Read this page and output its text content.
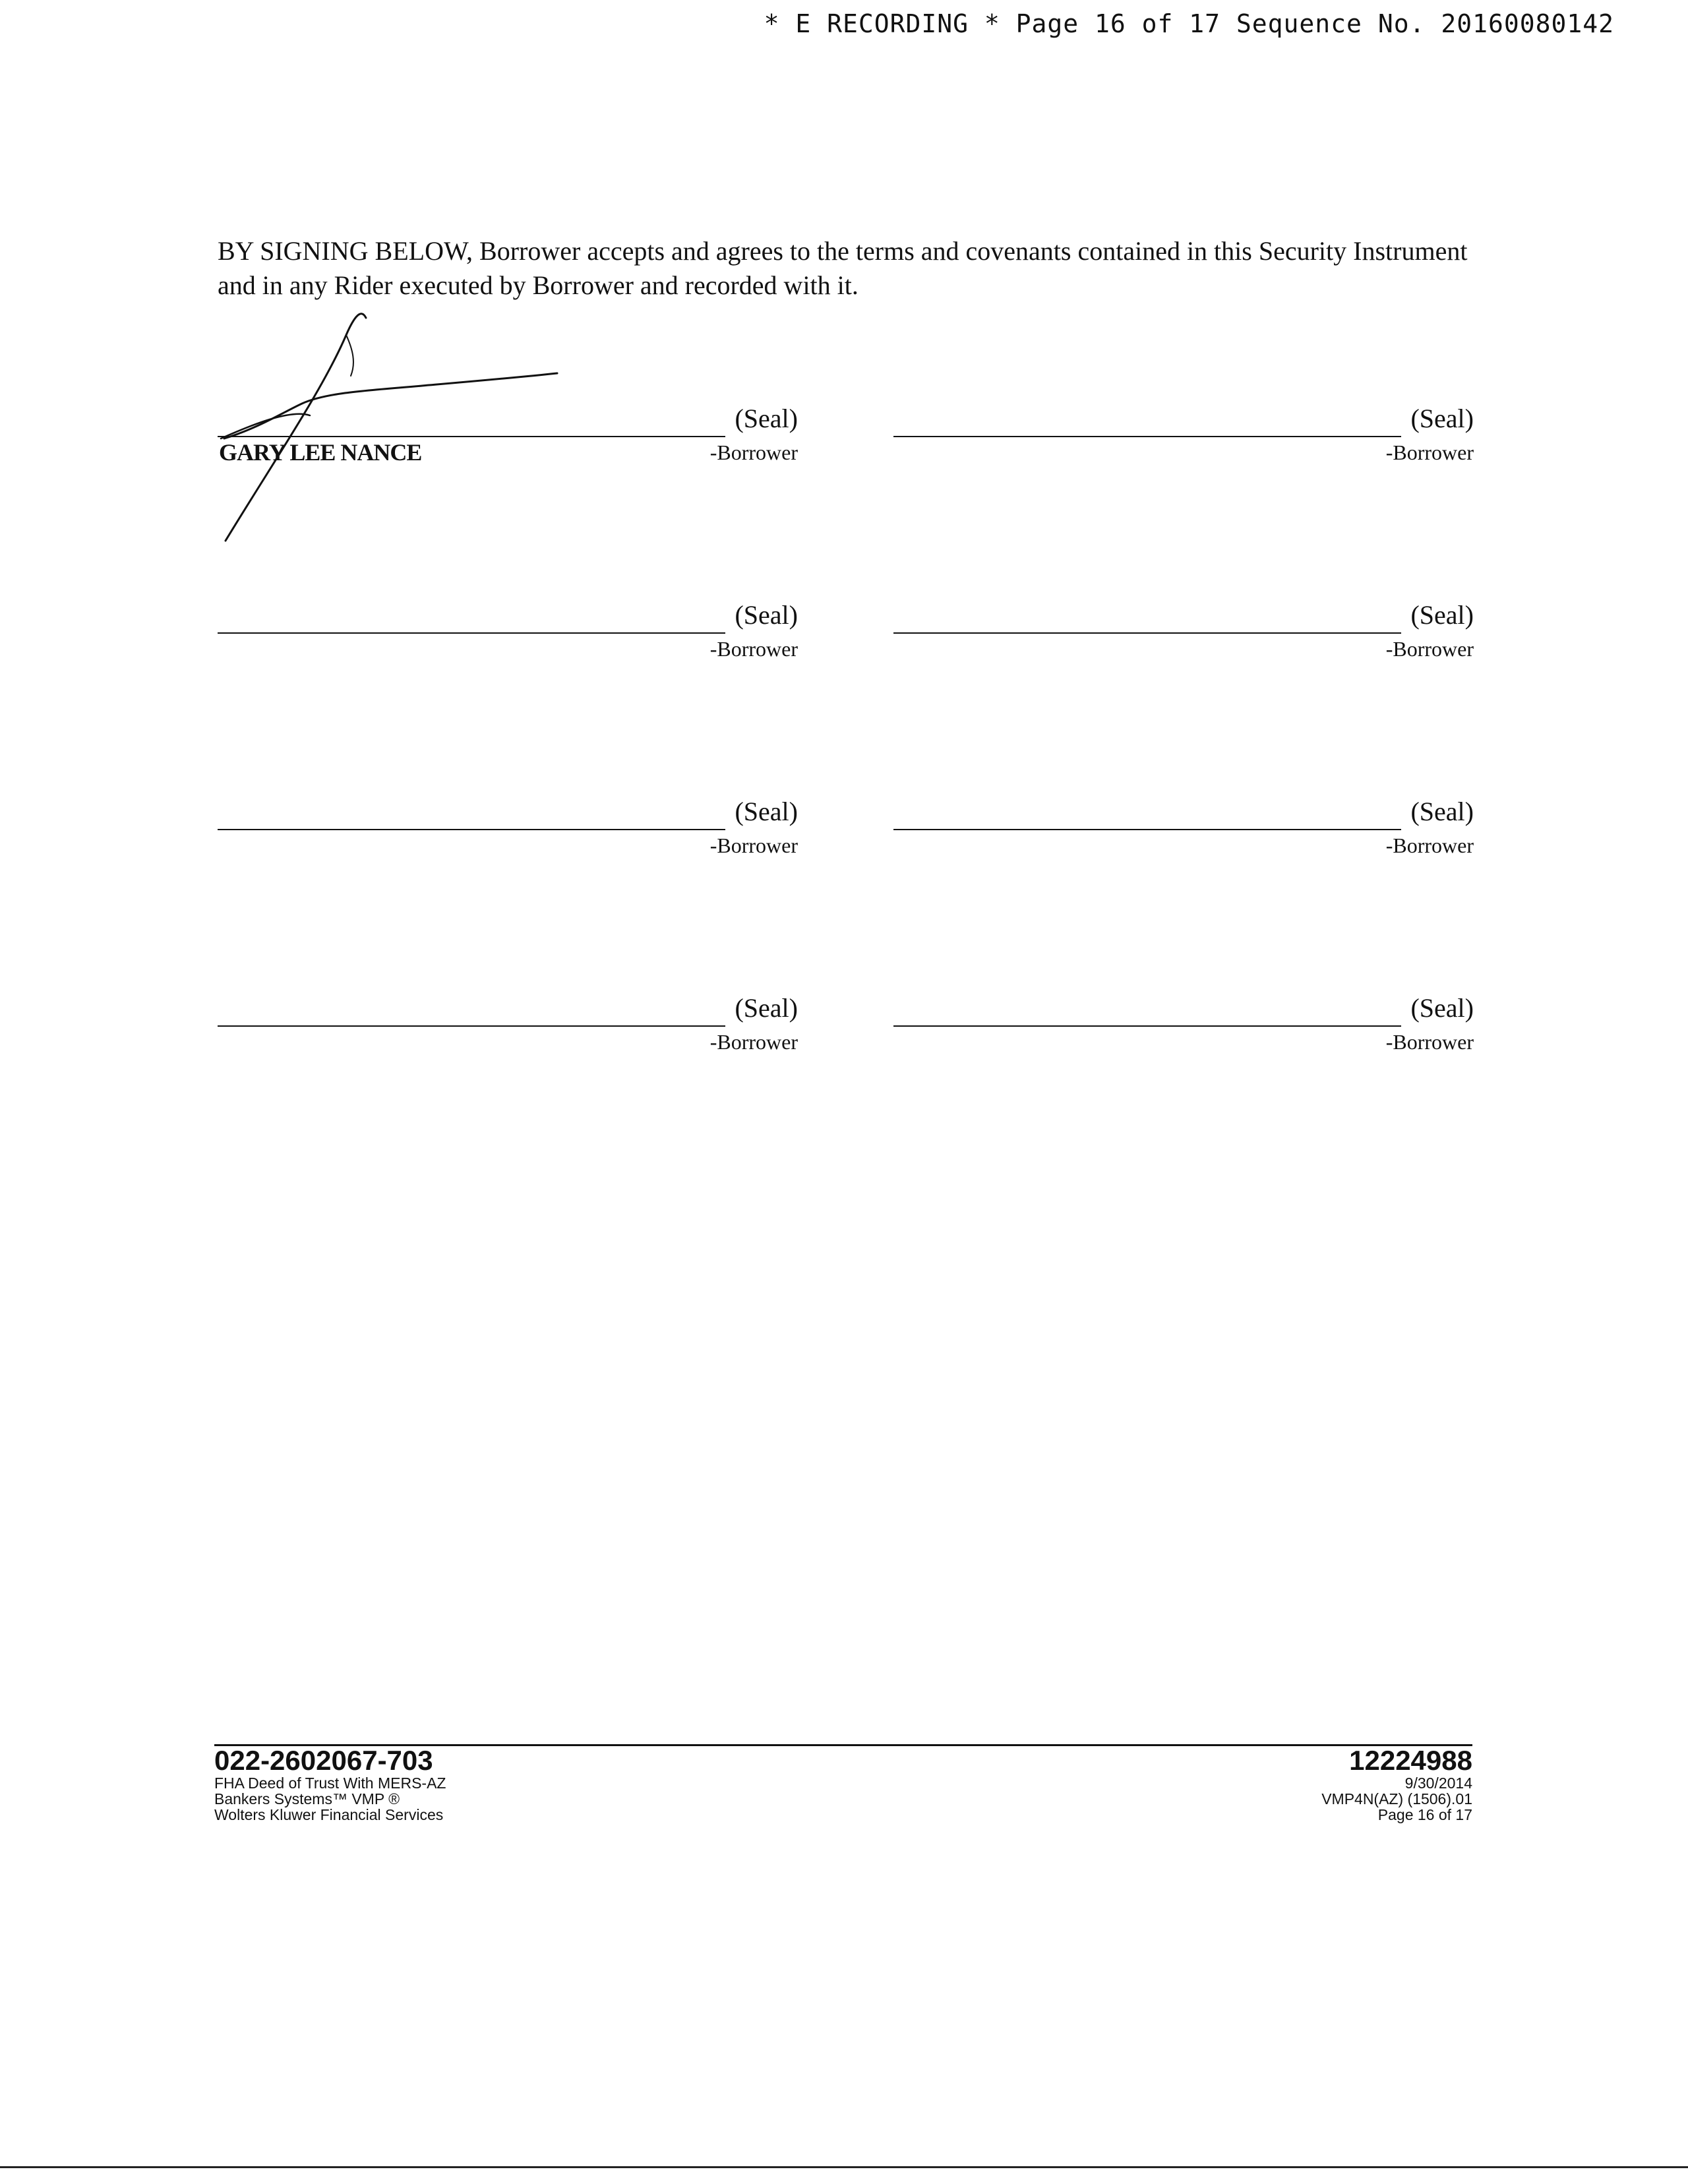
* E RECORDING * Page 16 of 17 Sequence No. 20160080142

BY SIGNING BELOW, Borrower accepts and agrees to the terms and covenants contained in this Security Instrument and in any Rider executed by Borrower and recorded with it.

(Seal)
-Borrower
GARY LEE NANCE
(Seal)
-Borrower
(Seal)
-Borrower
(Seal)
-Borrower
(Seal)
-Borrower
(Seal)
-Borrower
(Seal)
-Borrower
(Seal)
-Borrower
022-2602067-703
FHA Deed of Trust With MERS-AZ
Bankers Systems™ VMP ®
Wolters Kluwer Financial Services
12224988
9/30/2014
VMP4N(AZ) (1506).01
Page 16 of 17
